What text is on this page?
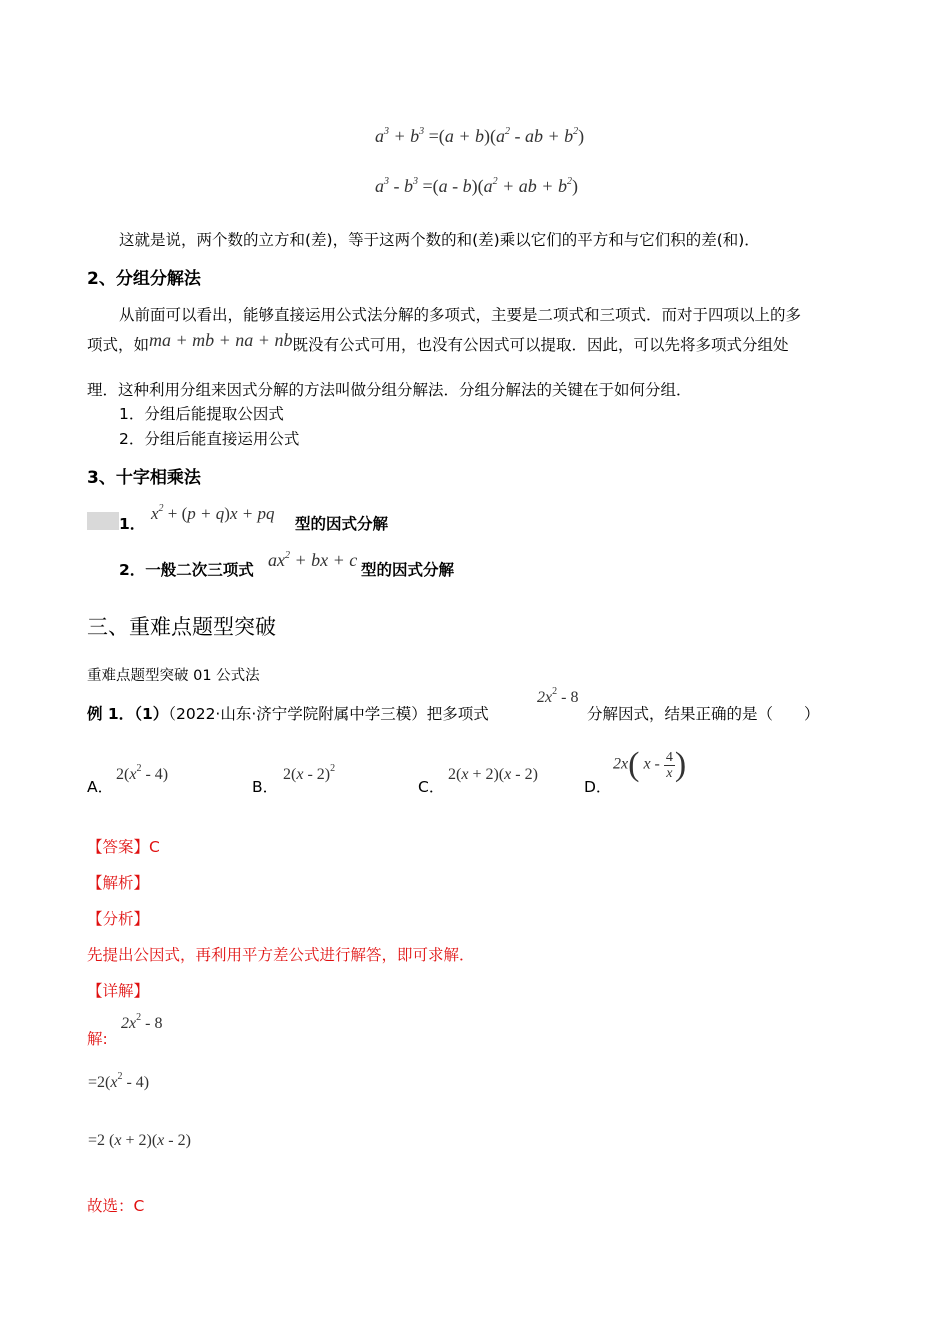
$a^3 + b^3 =(a + b)(a^2$ - ab + $b^2$)
$a^3 - b^3 =(a - b)(a^2$ + ab + $b^2$)
这就是说，两个数的立方和(差)，等于这两个数的和(差)乘以它们的平方和与它们积的差(和)．
2、分组分解法
从前面可以看出，能够直接运用公式法分解的多项式，主要是二项式和三项式．而对于四项以上的多
项式，如ma + mb + na + nb既没有公式可用，也没有公因式可以提取．因此，可以先将多项式分组处
理．这种利用分组来因式分解的方法叫做分组分解法．分组分解法的关键在于如何分组．
1．分组后能提取公因式
2．分组后能直接运用公式
3、十字相乘法
1．
$x^2 + (p + q)x$ + pq
型的因式分解
2．一般二次三项式 $ax^2$ + bx + c 型的因式分解
三、重难点题型突破
重难点题型突破 01 公式法
例 1．（1）（2022·山东·济宁学院附属中学三模）把多项式
$2x^2 - 8$
分解因式，结果正确的是（　　）
A．
$2(x^2 - 4)$
B．
2(x - 2)$^2$
C．
2(x + 2)(x - 2)
D．
2x( x - $\frac{4}{x}$ )
【答案】C
【解析】
【分析】
先提出公因式，再利用平方差公式进行解答，即可求解．
【详解】
$2x^2 - 8$
解:
$=2(x^2 - 4)$
=2 (x + 2)(x - 2)
故选：C
